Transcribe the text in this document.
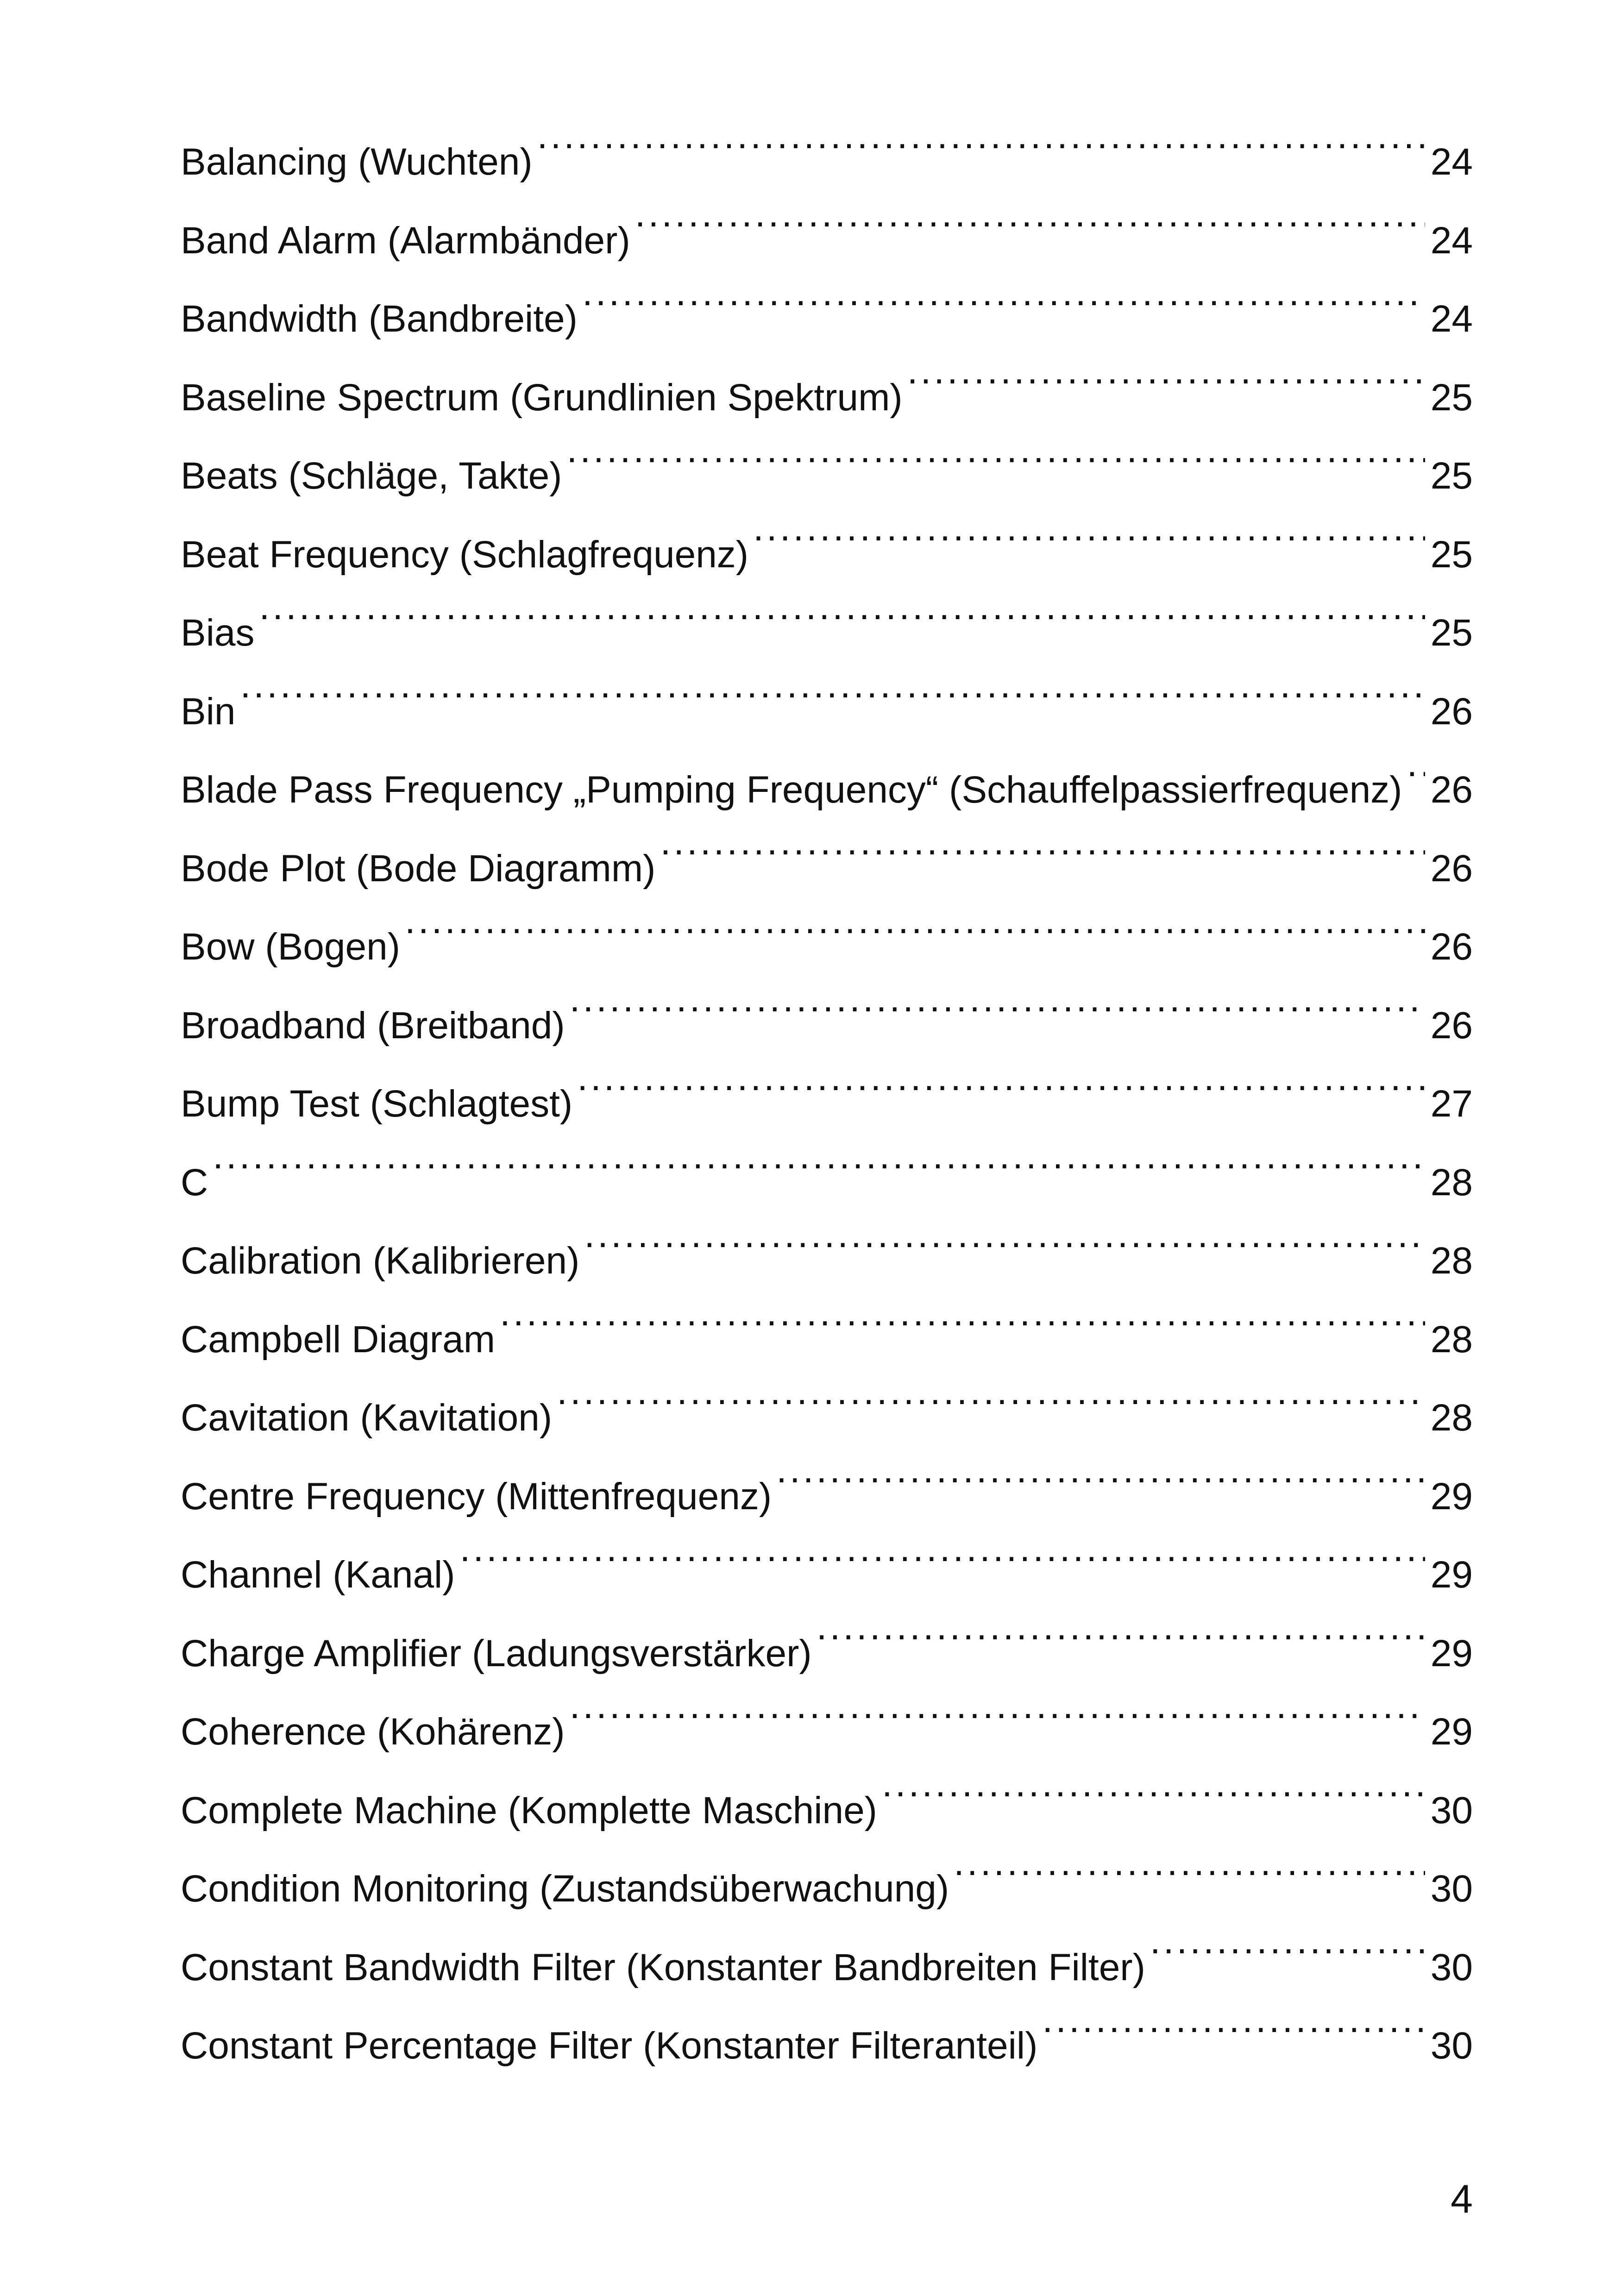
Balancing (Wuchten) .....	24
Band Alarm (Alarmbänder) .....	24
Bandwidth (Bandbreite) .....	24
Baseline Spectrum (Grundlinien Spektrum) .....	25
Beats (Schläge, Takte) .....	25
Beat Frequency (Schlagfrequenz) .....	25
Bias .....	25
Bin .....	26
Blade Pass Frequency „Pumping Frequency“ (Schauffelpassierfrequenz) ..... 26
Bode Plot (Bode Diagramm) .....	26
Bow (Bogen) .....	26
Broadband (Breitband) .....	26
Bump Test (Schlagtest) .....	27
C .....	28
Calibration (Kalibrieren) .....	28
Campbell Diagram .....	28
Cavitation (Kavitation) .....	28
Centre Frequency (Mittenfrequenz) .....	29
Channel (Kanal) .....	29
Charge Amplifier (Ladungsverstärker) .....	29
Coherence (Kohärenz) .....	29
Complete Machine (Komplette Maschine) .....	30
Condition Monitoring (Zustandsüberwachung) .....	30
Constant Bandwidth Filter (Konstanter Bandbreiten Filter) .....	30
Constant Percentage Filter (Konstanter Filteranteil) .....	30
4
